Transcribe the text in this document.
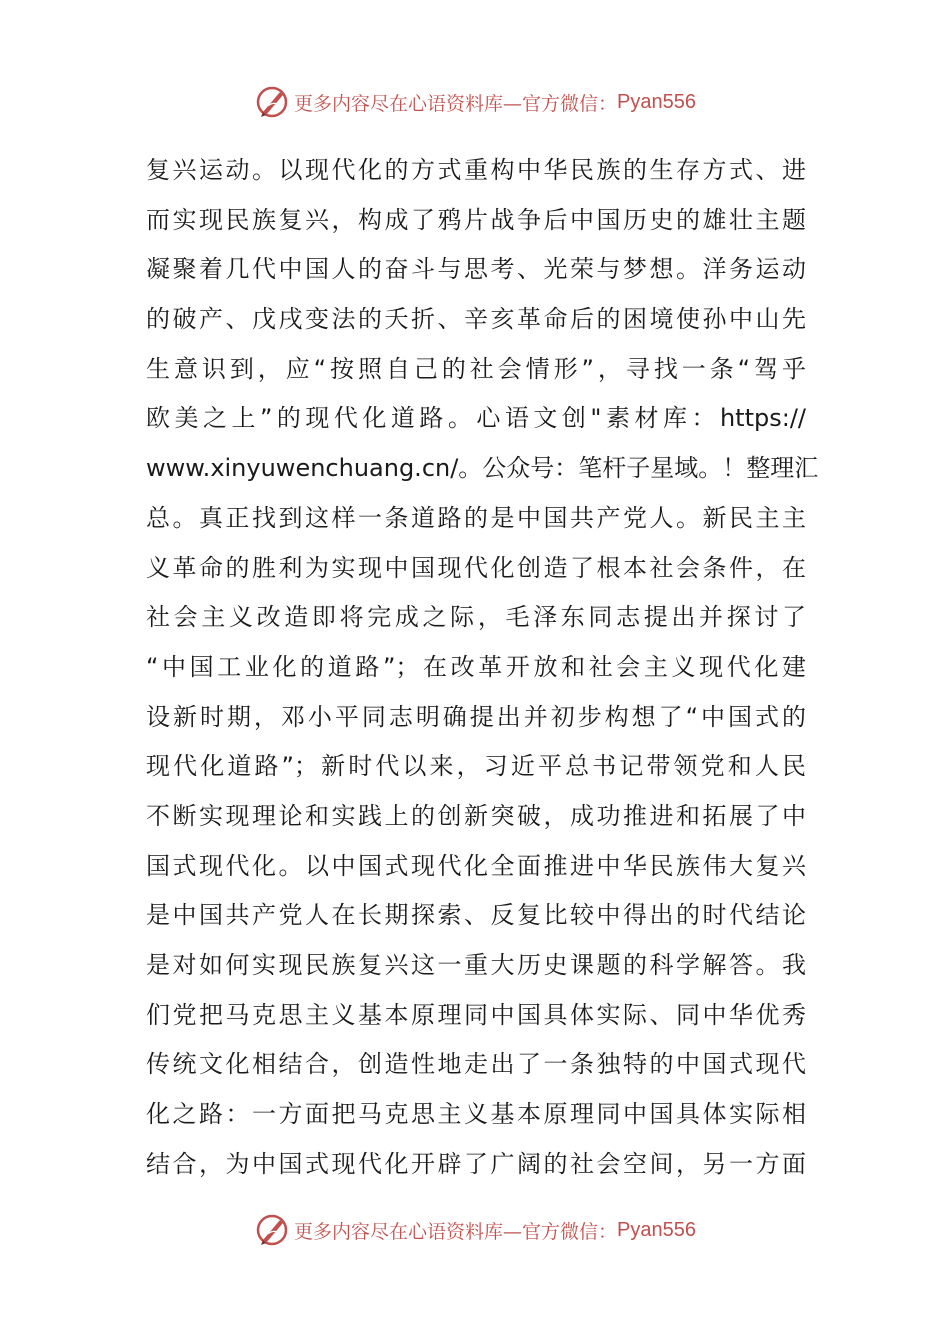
更多内容尽在心语资料库—官方微信： Pyan556
复兴运动。以现代化的方式重构中华民族的生存方式、进
而实现民族复兴，构成了鸦片战争后中国历史的雄壮主题
凝聚着几代中国人的奋斗与思考、光荣与梦想。洋务运动
的破产、戊戌变法的夭折、辛亥革命后的困境使孙中山先
生意识到，应“按照自己的社会情形”，寻找一条“驾乎
欧美之上”的现代化道路。心语文创"素材库：https://
www.xinyuwenchuang.cn/。公众号：笔杆子星域。！整理汇
总。真正找到这样一条道路的是中国共产党人。新民主主
义革命的胜利为实现中国现代化创造了根本社会条件，在
社会主义改造即将完成之际，毛泽东同志提出并探讨了
“中国工业化的道路”；在改革开放和社会主义现代化建
设新时期，邓小平同志明确提出并初步构想了“中国式的
现代化道路”；新时代以来，习近平总书记带领党和人民
不断实现理论和实践上的创新突破，成功推进和拓展了中
国式现代化。以中国式现代化全面推进中华民族伟大复兴
是中国共产党人在长期探索、反复比较中得出的时代结论
是对如何实现民族复兴这一重大历史课题的科学解答。我
们党把马克思主义基本原理同中国具体实际、同中华优秀
传统文化相结合，创造性地走出了一条独特的中国式现代
化之路：一方面把马克思主义基本原理同中国具体实际相
结合，为中国式现代化开辟了广阔的社会空间，另一方面
更多内容尽在心语资料库—官方微信： Pyan556
